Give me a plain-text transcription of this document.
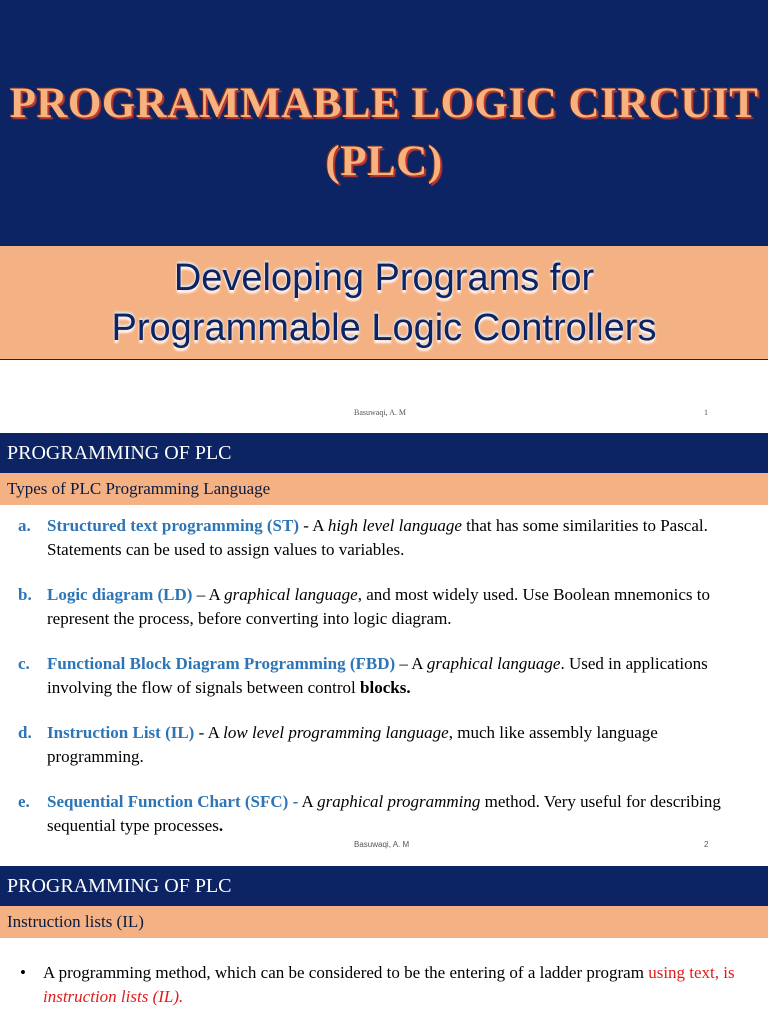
PROGRAMMABLE LOGIC CIRCUIT
(PLC)
Developing Programs for
Programmable Logic Controllers
Basuwaqi, A. M	1
PROGRAMMING OF PLC
Types of PLC Programming Language
a. Structured text programming (ST) - A high level language that has some similarities to Pascal. Statements can be used to assign values to variables.
b. Logic diagram (LD) – A graphical language, and most widely used. Use Boolean mnemonics to represent the process, before converting into logic diagram.
c.	Functional Block Diagram Programming (FBD) – A graphical language. Used in applications involving the flow of signals between control blocks.
d. Instruction List (IL) - A low level programming language, much like assembly language programming.
e.	Sequential Function Chart (SFC) - A graphical programming method. Very useful for describing sequential type processes.
Basuwaqi, A. M	2
PROGRAMMING OF PLC
Instruction lists (IL)
•	A programming method, which can be considered to be the entering of a ladder program using text, is instruction lists (IL).
